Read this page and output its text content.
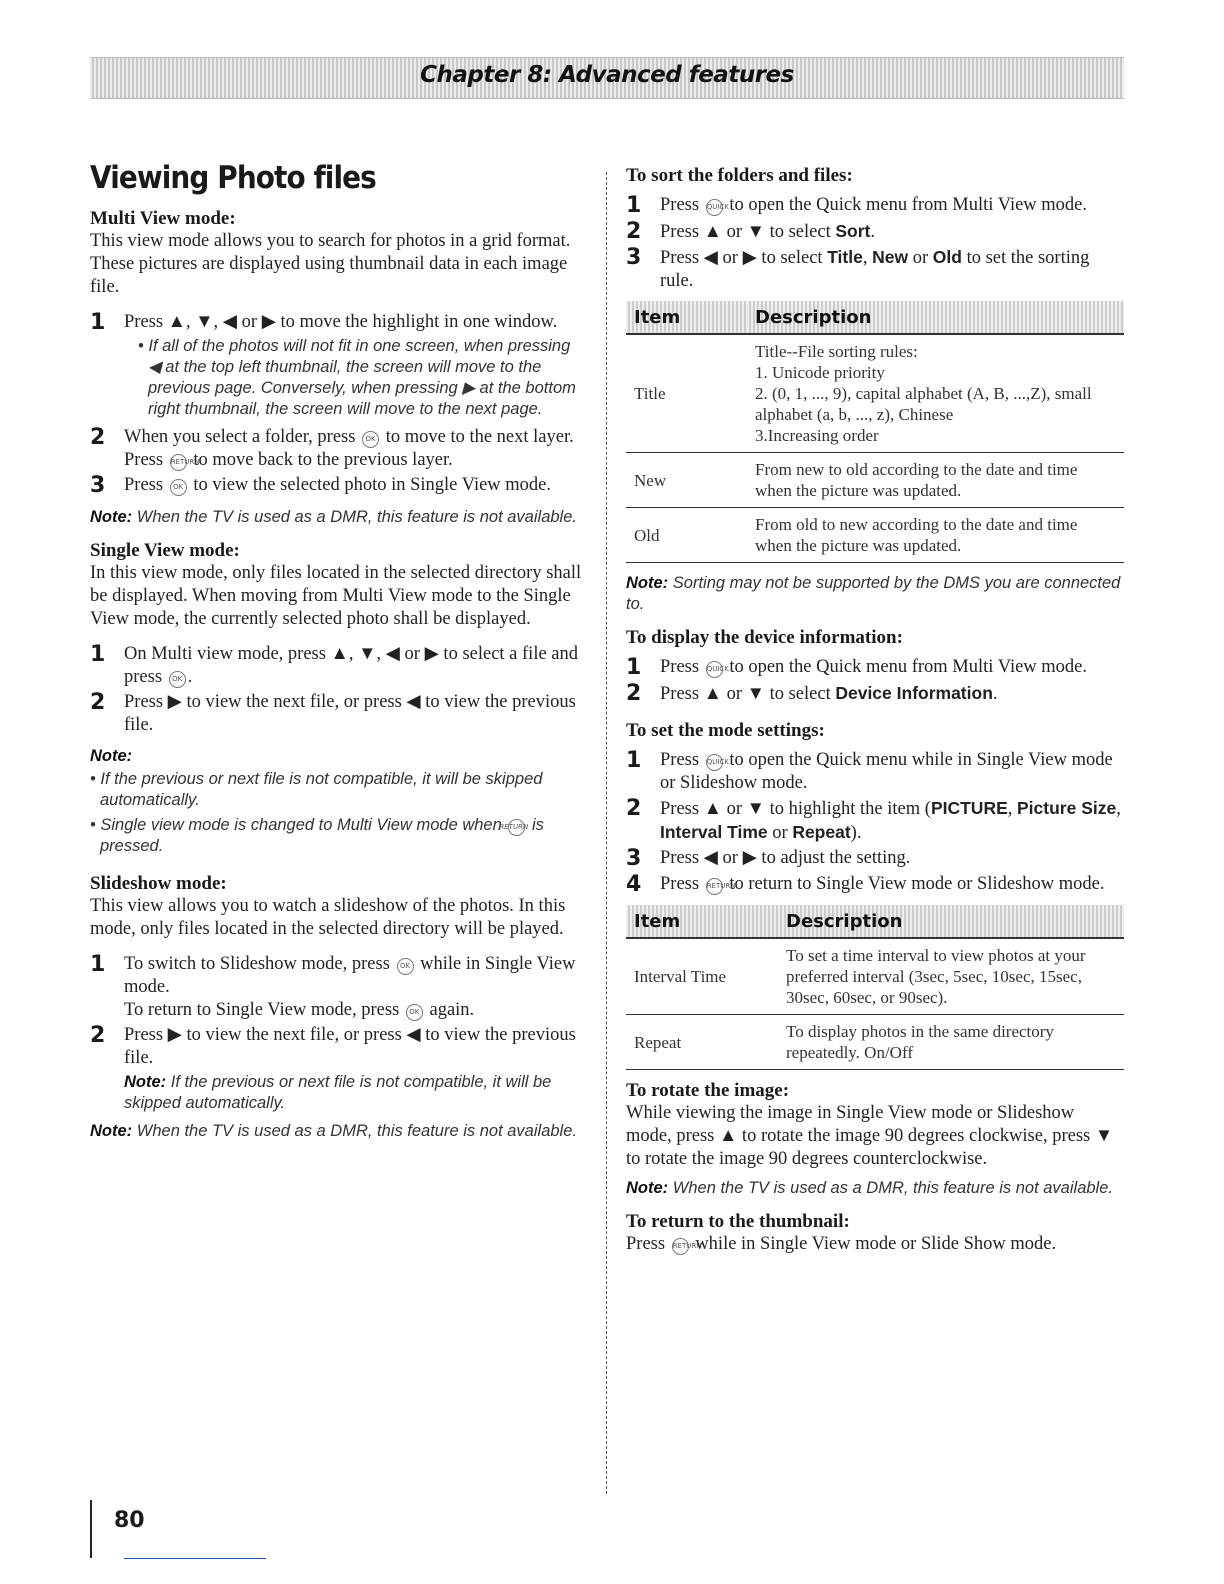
Chapter 8: Advanced features
Viewing Photo files
Multi View mode:

This view mode allows you to search for photos in a grid format.

These pictures are displayed using thumbnail data in each image file.

1	Press ▲, ▼, ◀ or ▶ to move the highlight in one window.
• If all of the photos will not fit in one screen, when pressing ◀ at the top left thumbnail, the screen will move to the previous page. Conversely, when pressing ▶ at the bottom right thumbnail, the screen will move to the next page.
2	When you select a folder, press OK to move to the next layer. Press RETURN to move back to the previous layer.
3	Press OK to view the selected photo in Single View mode.

Note: When the TV is used as a DMR, this feature is not available.

Single View mode:

In this view mode, only files located in the selected directory shall be displayed. When moving from Multi View mode to the Single View mode, the currently selected photo shall be displayed.

1	On Multi view mode, press ▲, ▼, ◀ or ▶ to select a file and press OK .
2	Press ▶ to view the next file, or press ◀ to view the previous file.

Note:

• If the previous or next file is not compatible, it will be skipped automatically.
• Single view mode is changed to Multi View mode when RETURN is pressed.
Slideshow mode:

This view allows you to watch a slideshow of the photos. In this mode, only files located in the selected directory will be played.

1	To switch to Slideshow mode, press OK while in Single View mode.
To return to Single View mode, press OK again.
2	Press ▶ to view the next file, or press ◀ to view the previous file.

Note: If the previous or next file is not compatible, it will be skipped automatically.

Note: When the TV is used as a DMR, this feature is not available.

To sort the folders and files:
1	Press QUICK to open the Quick menu from Multi View mode.
2	Press ▲ or ▼ to select Sort.
3	Press ◀ or ▶ to select Title, New or Old to set the sorting rule.
Item	Description
Title	Title--File sorting rules:
1. Unicode priority
2. (0, 1, ..., 9), capital alphabet (A, B, ...,Z), small alphabet (a, b, ..., z), Chinese
3.Increasing order

New	From new to old according to the date and time when the picture was updated.
Old	From old to new according to the date and time when the picture was updated.

Note: Sorting may not be supported by the DMS you are connected to.

To display the device information:
1	Press QUICK to open the Quick menu from Multi View mode.
2	Press ▲ or ▼ to select Device Information.
To set the mode settings:
1	Press QUICK to open the Quick menu while in Single View mode or Slideshow mode.
2	Press ▲ or ▼ to highlight the item (PICTURE, Picture Size, Interval Time or Repeat).
3	Press ◀ or ▶ to adjust the setting.
4	Press RETURN to return to Single View mode or Slideshow mode.
Item	Description
Interval Time	To set a time interval to view photos at your preferred interval (3sec, 5sec, 10sec, 15sec, 30sec, 60sec, or 90sec).
Repeat	To display photos in the same directory repeatedly. On/Off
To rotate the image:

While viewing the image in Single View mode or Slideshow mode, press ▲ to rotate the image 90 degrees clockwise, press ▼ to rotate the image 90 degrees counterclockwise.

Note: When the TV is used as a DMR, this feature is not available.

To return to the thumbnail:

Press RETURN while in Single View mode or Slide Show mode.

80
